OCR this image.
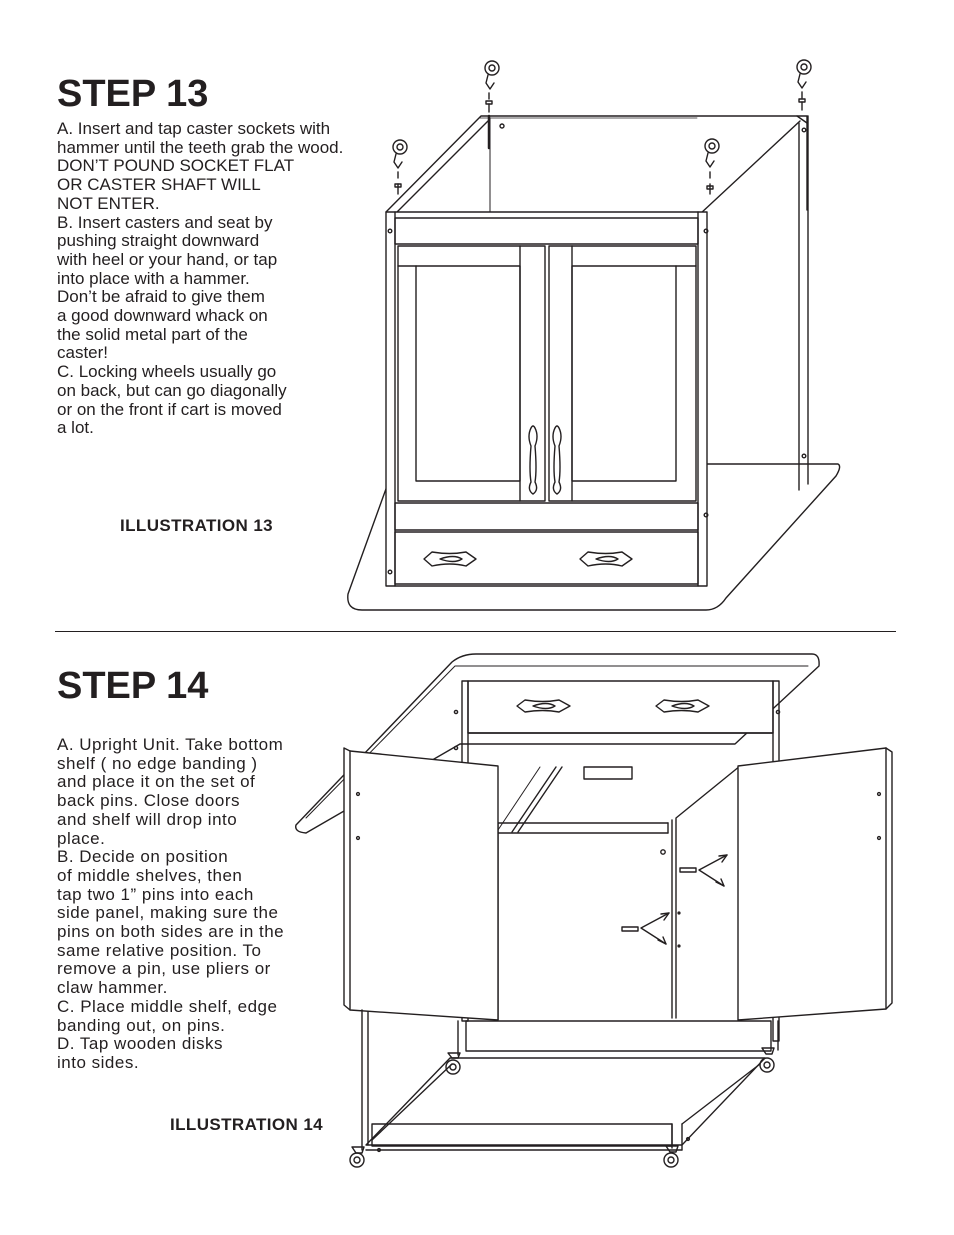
STEP 13
A. Insert and tap caster sockets with
hammer until the teeth grab the wood.
DON’T POUND SOCKET FLAT
OR CASTER SHAFT WILL
NOT ENTER.
B. Insert casters and seat by
pushing straight downward
with heel or your hand, or tap
into place with a hammer.
Don’t be afraid to give them
a good downward whack on
the solid metal part of the
caster!
C. Locking wheels usually go
on back, but can go diagonally
or on the front if cart is moved
a lot.
ILLUSTRATION 13
STEP 14
A. Upright Unit. Take bottom
shelf ( no edge banding )
and place it on the set of
back pins. Close doors
and shelf will drop into
place.
B. Decide on position
of middle shelves, then
tap two 1” pins into each
side panel, making sure the
pins on both sides are in the
same relative position. To
remove a pin, use pliers or
claw hammer.
C. Place middle shelf, edge
banding out, on pins.
D. Tap wooden disks
into sides.
ILLUSTRATION 14
